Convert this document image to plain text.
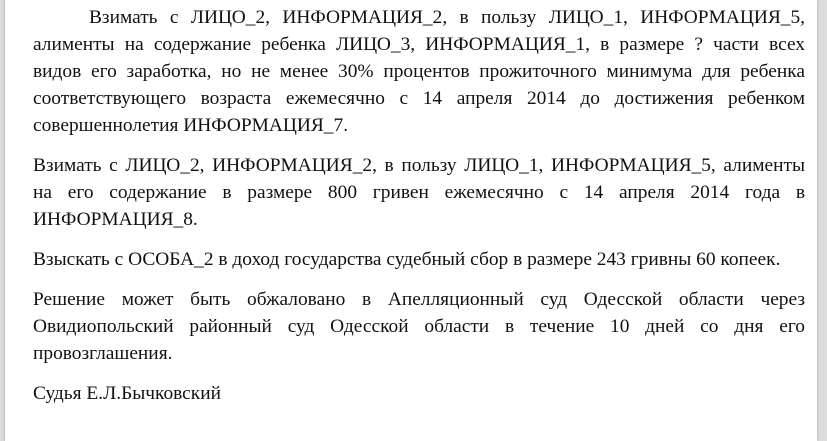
Взимать с ЛИЦО_2, ИНФОРМАЦИЯ_2, в пользу ЛИЦО_1, ИНФОРМАЦИЯ_5, алименты на содержание ребенка ЛИЦО_3, ИНФОРМАЦИЯ_1, в размере ? части всех видов его заработка, но не менее 30% процентов прожиточного минимума для ребенка соответствующего возраста ежемесячно с 14 апреля 2014 до достижения ребенком совершеннолетия ИНФОРМАЦИЯ_7.

Взимать с ЛИЦО_2, ИНФОРМАЦИЯ_2, в пользу ЛИЦО_1, ИНФОРМАЦИЯ_5, алименты на его содержание в размере 800 гривен ежемесячно с 14 апреля 2014 года в ИНФОРМАЦИЯ_8.

Взыскать с ОСОБА_2 в доход государства судебный сбор в размере 243 гривны 60 копеек.

Решение может быть обжаловано в Апелляционный суд Одесской области через Овидиопольский районный суд Одесской области в течение 10 дней со дня его провозглашения.

Судья Е.Л.Бычковский
